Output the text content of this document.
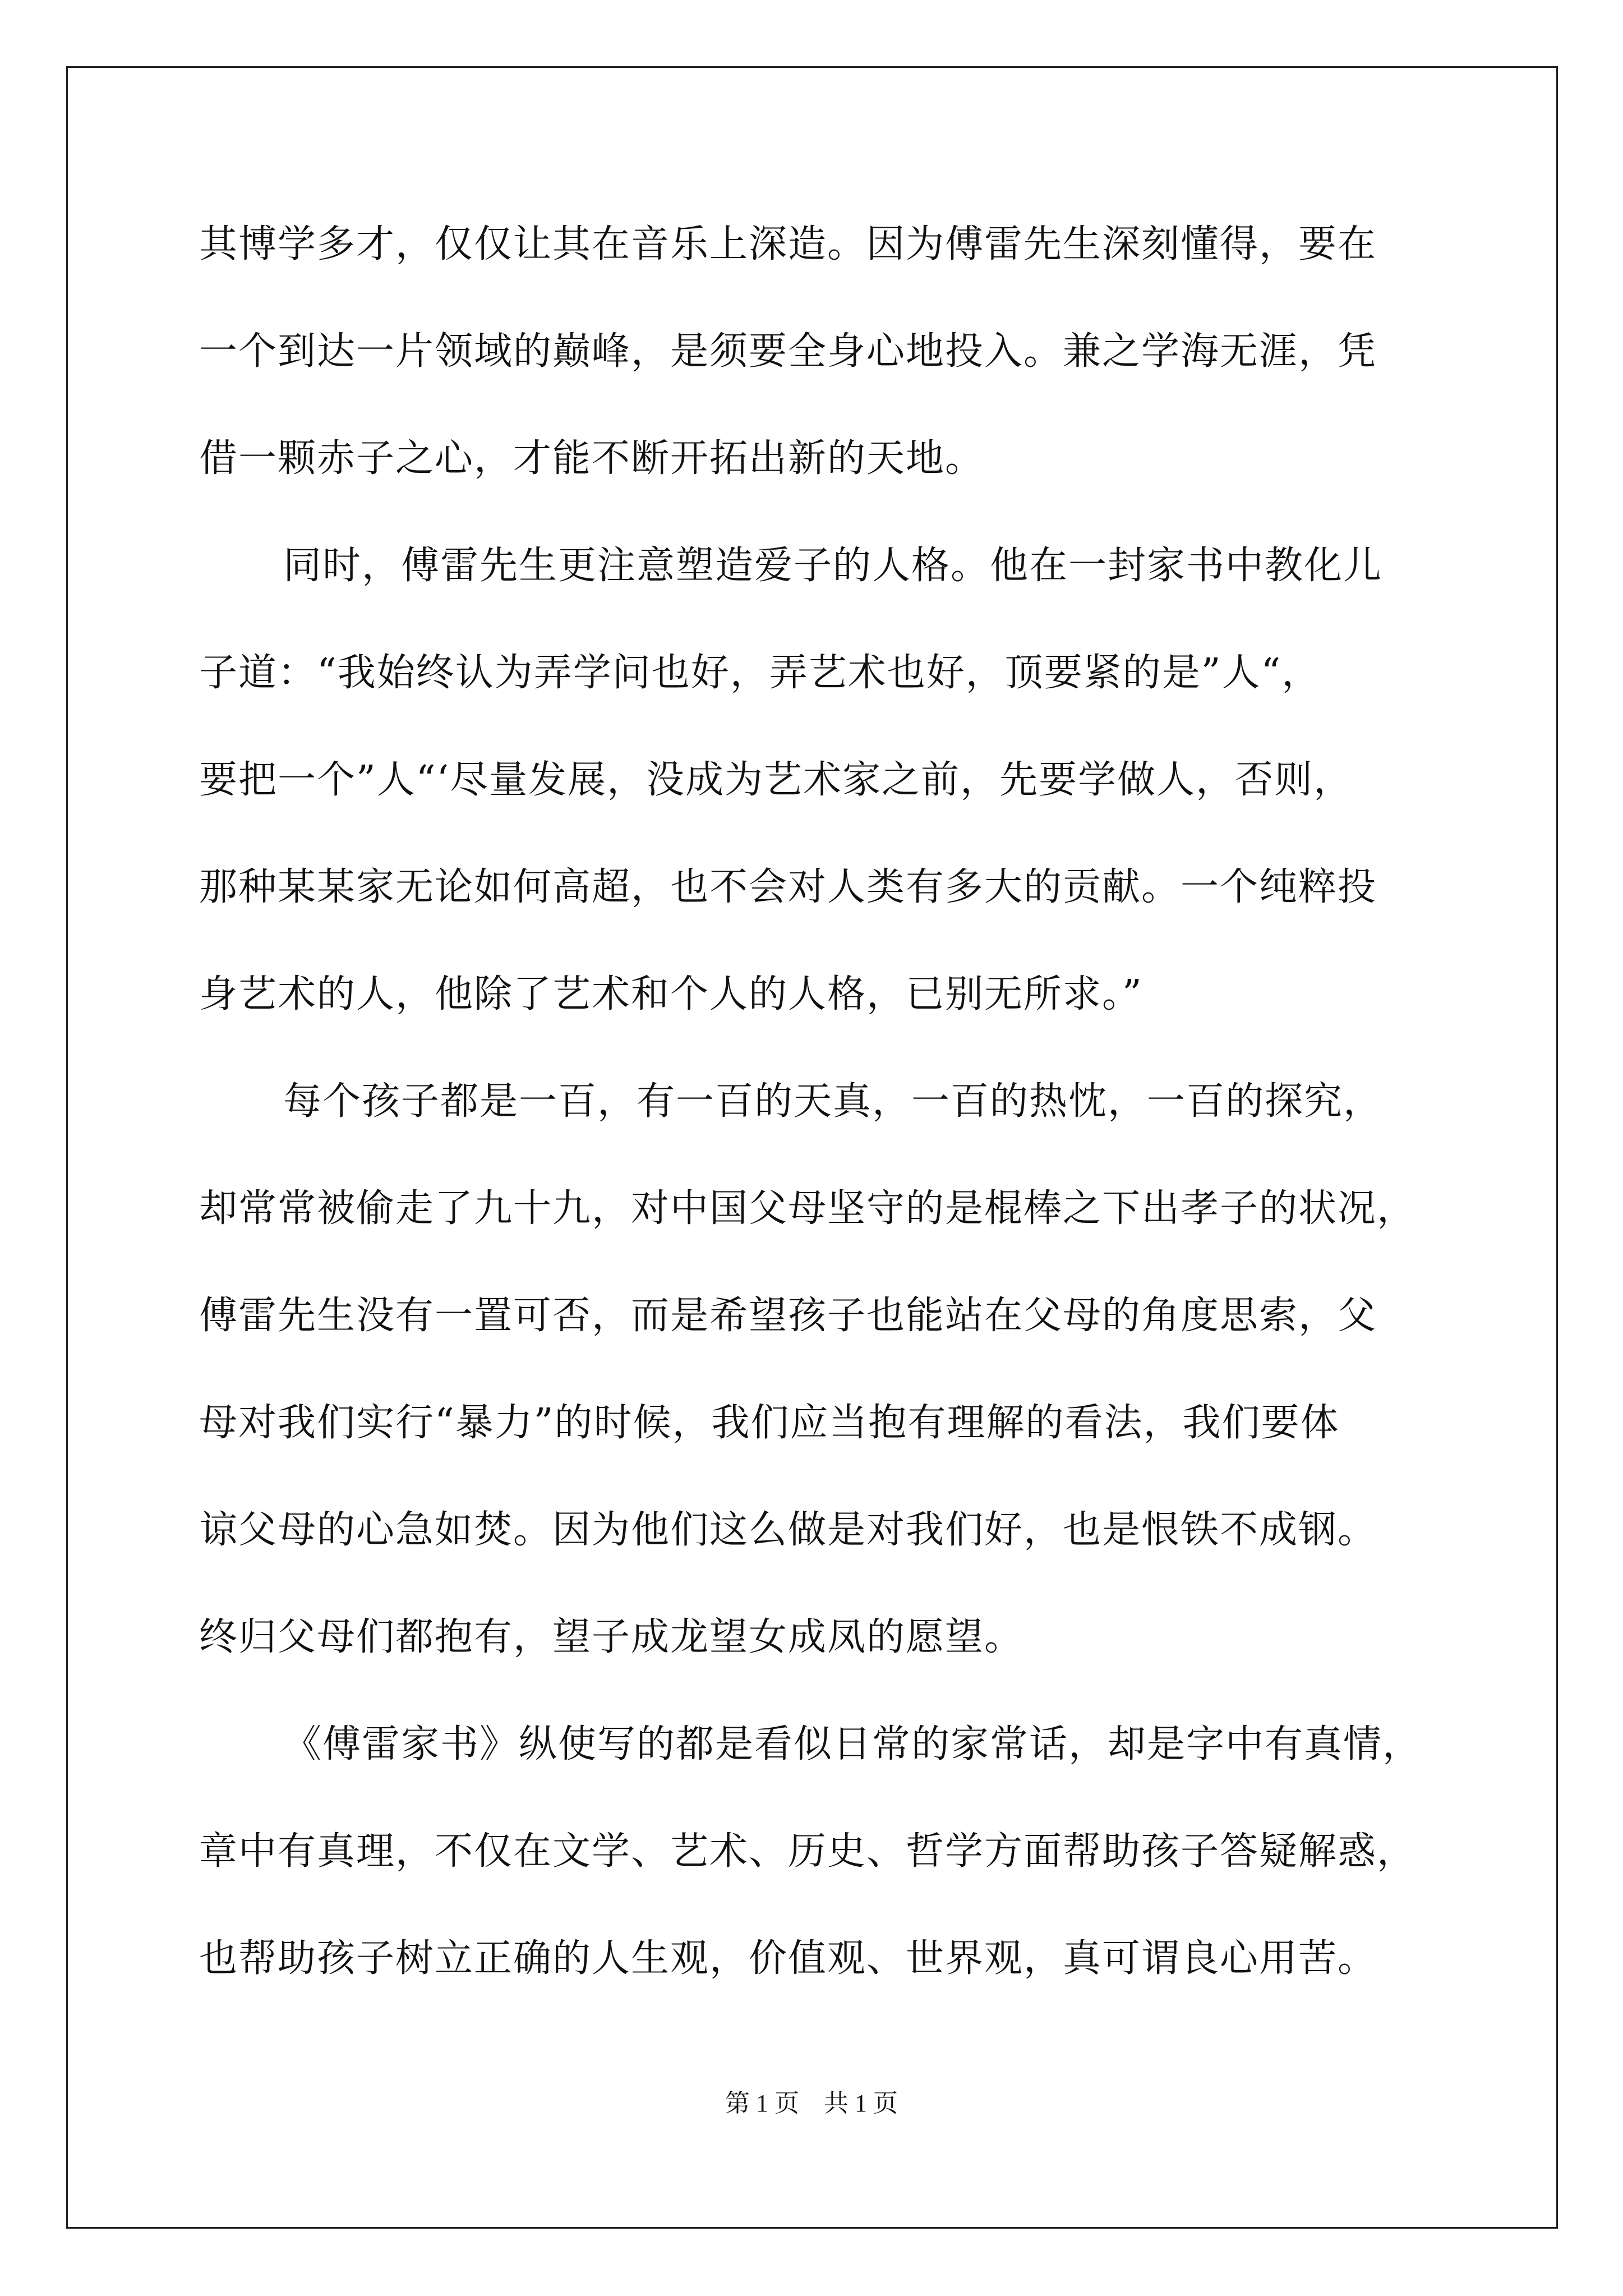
其博学多才，仅仅让其在音乐上深造。因为傅雷先生深刻懂得，要在
一个到达一片领域的巅峰，是须要全身心地投入。兼之学海无涯，凭
借一颗赤子之心，才能不断开拓出新的天地。
同时，傅雷先生更注意塑造爱子的人格。他在一封家书中教化儿
子道：“我始终认为弄学问也好，弄艺术也好，顶要紧的是”人“，
要把一个”人“‘尽量发展，没成为艺术家之前，先要学做人，否则，
那种某某家无论如何高超，也不会对人类有多大的贡献。一个纯粹投
身艺术的人，他除了艺术和个人的人格，已别无所求。”
每个孩子都是一百，有一百的天真，一百的热忱，一百的探究，
却常常被偷走了九十九，对中国父母坚守的是棍棒之下出孝子的状况，
傅雷先生没有一置可否，而是希望孩子也能站在父母的角度思索，父
母对我们实行“暴力”的时候，我们应当抱有理解的看法，我们要体
谅父母的心急如焚。因为他们这么做是对我们好，也是恨铁不成钢。
终归父母们都抱有，望子成龙望女成凤的愿望。
《傅雷家书》纵使写的都是看似日常的家常话，却是字中有真情，
章中有真理，不仅在文学、艺术、历史、哲学方面帮助孩子答疑解惑，
也帮助孩子树立正确的人生观，价值观、世界观，真可谓良心用苦。
第 1 页　共 1 页
